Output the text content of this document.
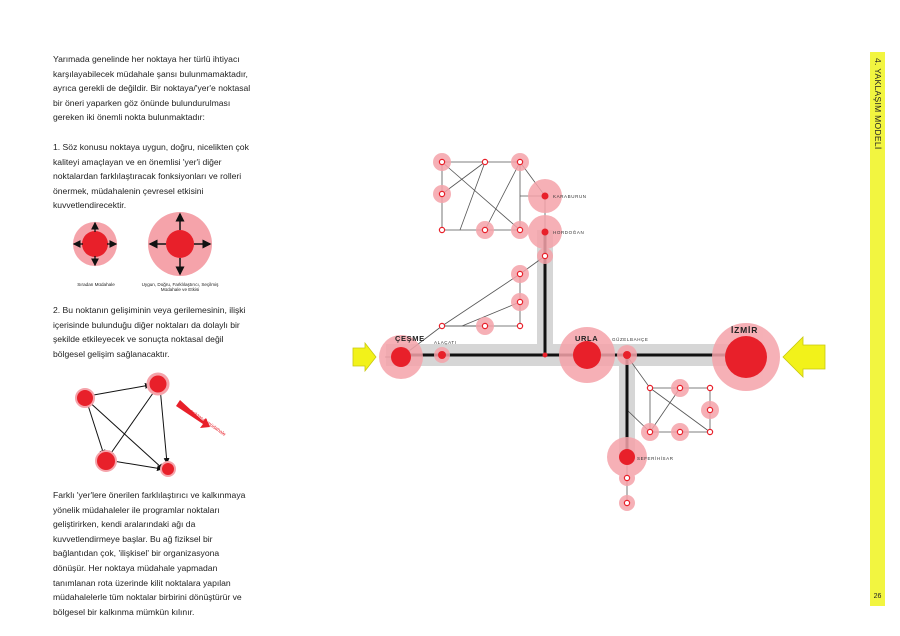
Yarımada genelinde her noktaya her türlü ihtiyacı karşılayabilecek müdahale şansı bulunmamaktadır, ayrıca gerekli de değildir. Bir noktaya/'yer'e noktasal bir öneri yaparken göz önünde bulundurulması gereken iki önemli nokta bulunmaktadır:

1. Söz konusu noktaya uygun, doğru, nicelikten çok kaliteyi amaçlayan ve en önemlisi 'yer'i diğer noktalardan farklılaştıracak fonksiyonları ve rolleri önermek, müdahalenin çevresel etkisini kuvvetlendirecektir.

2. Bu noktanın gelişiminin veya gerilemesinin, ilişki içerisinde bulunduğu diğer noktaları da dolaylı bir şekilde etkileyecek ve sonuçta noktasal değil bölgesel gelişim sağlanacaktır.

Farklı 'yer'lere önerilen farklılaştırıcı ve kalkınmaya yönelik müdahaleler ile programlar noktaları geliştirirken, kendi aralarındaki ağı da kuvvetlendirmeye başlar. Bu ağ fiziksel bir bağlantıdan çok, 'ilişkisel' bir organizasyona dönüşür. Her noktaya müdahale yapmadan tanımlanan rota üzerinde kilit noktalara yapılan müdahalelerle tüm noktalar birbirini dönüştürür ve bölgesel bir kalkınma mümkün kılınır.

Sıradan Müdahale	Uygun, Doğru, Farklılaştırıcı, Seçilmiş Müdahale ve Etkisi
noktasal müdahale
KARABURUN
HORDOĞAN
ÇEŞME ALAÇATI	URLA	GÜZELBAHÇE
İZMİR
SEFERİHİSAR
4. YAKLAŞIM MODELİ
26
